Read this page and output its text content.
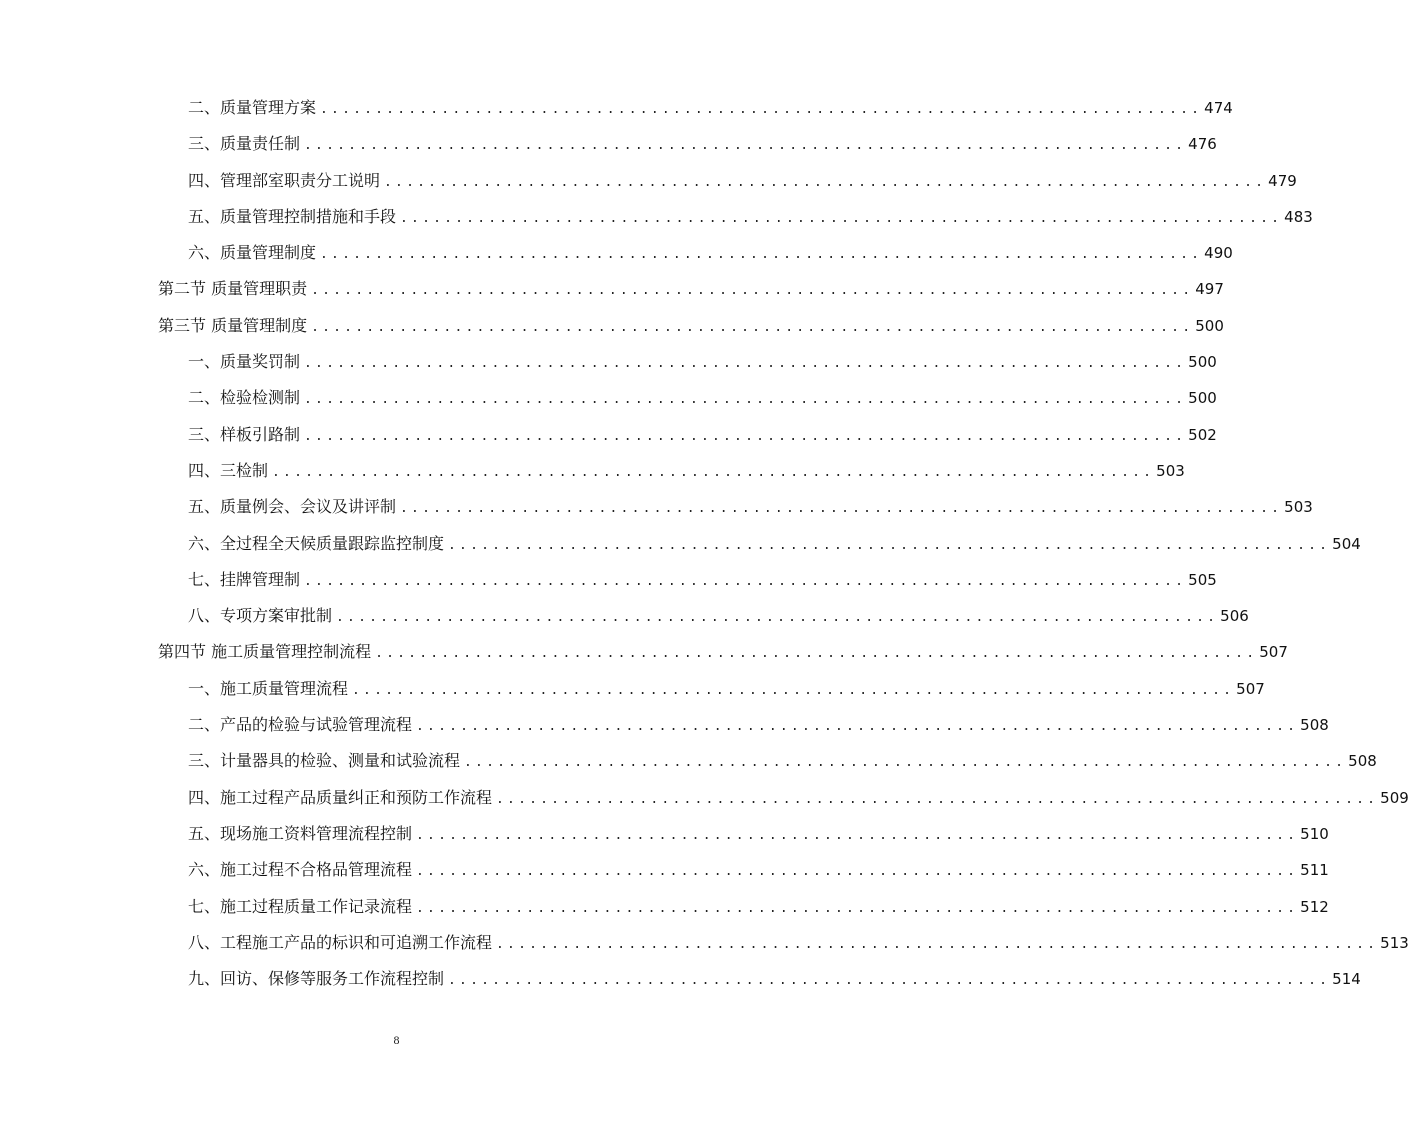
二、质量管理方案 ................................................................................ 474
三、质量责任制 ................................................................................ 476
四、管理部室职责分工说明 ................................................................................ 479
五、质量管理控制措施和手段 ................................................................................ 483
六、质量管理制度 ................................................................................ 490
第二节 质量管理职责 ................................................................................ 497
第三节 质量管理制度 ................................................................................ 500
一、质量奖罚制 ................................................................................ 500
二、检验检测制 ................................................................................ 500
三、样板引路制 ................................................................................ 502
四、三检制 ................................................................................ 503
五、质量例会、会议及讲评制 ................................................................................ 503
六、全过程全天候质量跟踪监控制度 ................................................................................ 504
七、挂牌管理制 ................................................................................ 505
八、专项方案审批制 ................................................................................ 506
第四节 施工质量管理控制流程 ................................................................................ 507
一、施工质量管理流程 ................................................................................ 507
二、产品的检验与试验管理流程 ................................................................................ 508
三、计量器具的检验、测量和试验流程 ................................................................................ 508
四、施工过程产品质量纠正和预防工作流程 ................................................................................ 509
五、现场施工资料管理流程控制 ................................................................................ 510
六、施工过程不合格品管理流程 ................................................................................ 511
七、施工过程质量工作记录流程 ................................................................................ 512
八、工程施工产品的标识和可追溯工作流程 ................................................................................ 513
九、回访、保修等服务工作流程控制 ................................................................................ 514
8
